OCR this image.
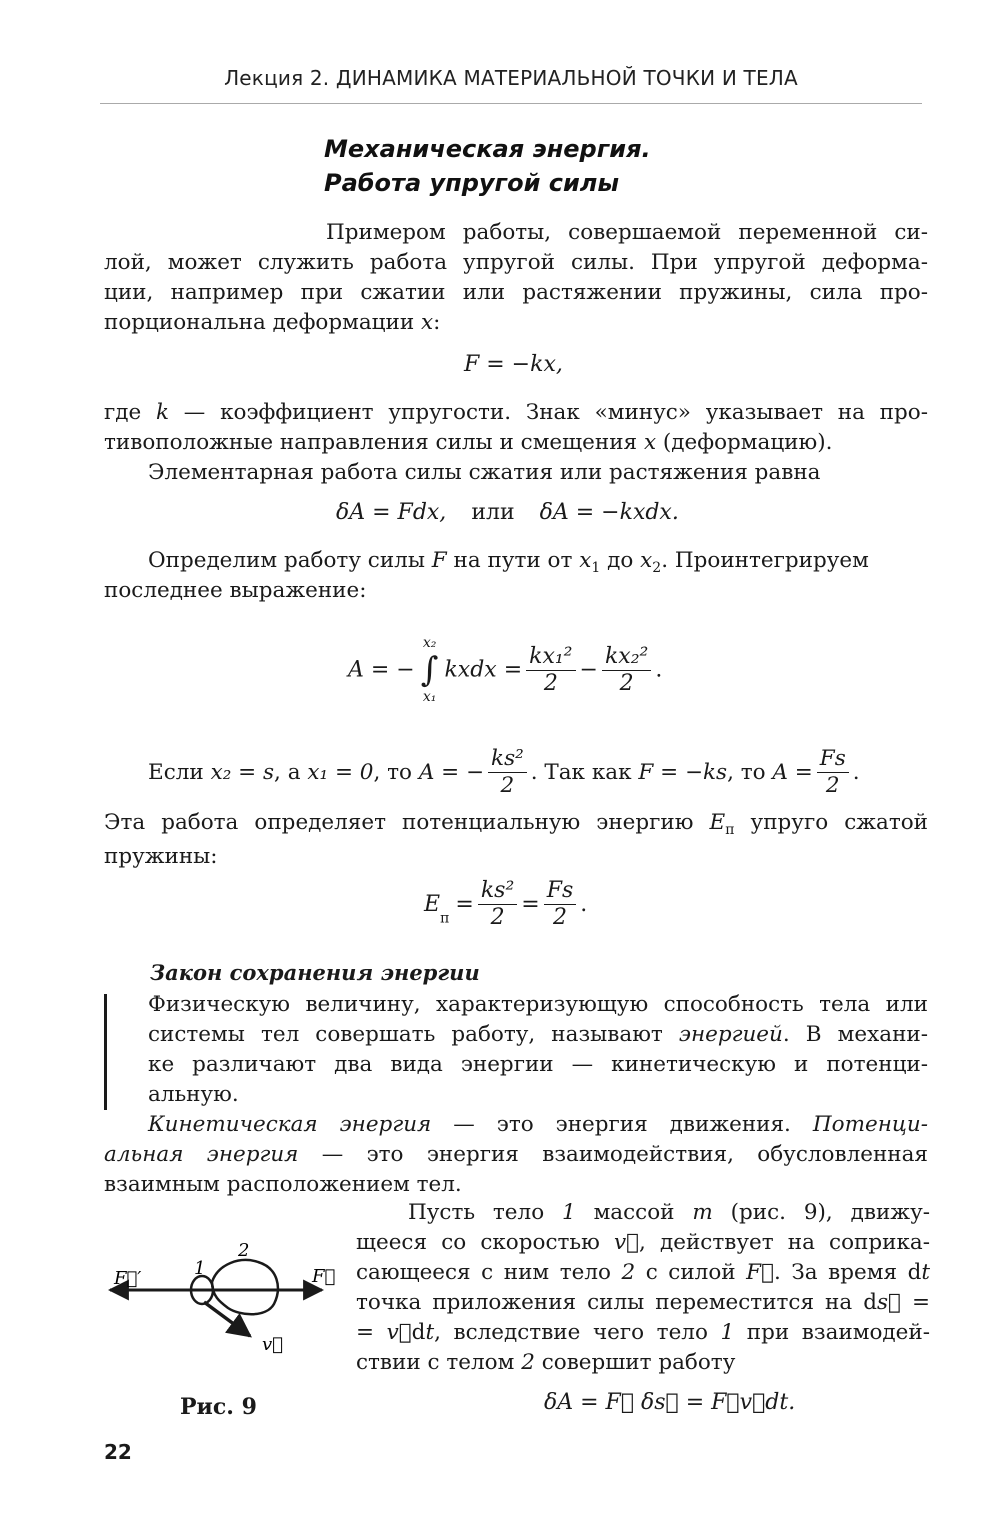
Лекция 2. ДИНАМИКА МАТЕРИАЛЬНОЙ ТОЧКИ И ТЕЛА
Механическая энергия.
Работа упругой силы
Примером работы, совершаемой переменной си-
лой, может служить работа упругой силы. При упругой деформа-
ции, например при сжатии или растяжении пружины, сила про-
порциональна деформации x:
F = −kx,
где k — коэффициент упругости. Знак «минус» указывает на про-
тивоположные направления силы и смещения x (деформацию).
Элементарная работа силы сжатия или растяжения равна
δA = Fdx, или δA = −kxdx.
Определим работу силы F на пути от $x_1$ до $x_2$. Проинтегрируем
последнее выражение:
A = −x₂
∫
x₁kxdx = $\frac{\text{kx₁²}}{2} - \frac{\text{kx₂²}}{2}$ .
Если x₂ = s, а x₁ = 0, то A = − $\frac{\text{ks²}}{2}$ . Так как F = −ks, то $A = \frac{Fs}{2}$ .
Эта работа определяет потенциальную энергию $E_п$ упруго сжатой
пружины:
$E_п= \frac{\text{ks²}}{2} = \frac{Fs}{2}$ .
Закон сохранения энергии
Физическую величину, характеризующую способность тела или
системы тел совершать работу, называют энергией. В механи-
ке различают два вида энергии — кинетическую и потенци-
альную.
Кинетическая энергия — это энергия движения. Потенци-
альная энергия — это энергия взаимодействия, обусловленная
взаимным расположением тел.
Пусть тело 1 массой m (рис. 9), движу-
щееся со скоростью v⃗, действует на соприка-
сающееся с ним тело 2 с силой F⃗. За время dt
точка приложения силы переместится на ds⃗ =
= v⃗dt, вследствие чего тело 1 при взаимодей-
ствии с телом 2 совершит работу
δA = F⃗ δs⃗ = F⃗v⃗dt.
F⃗′	F⃗
1
2
v⃗
Рис. 9
22
